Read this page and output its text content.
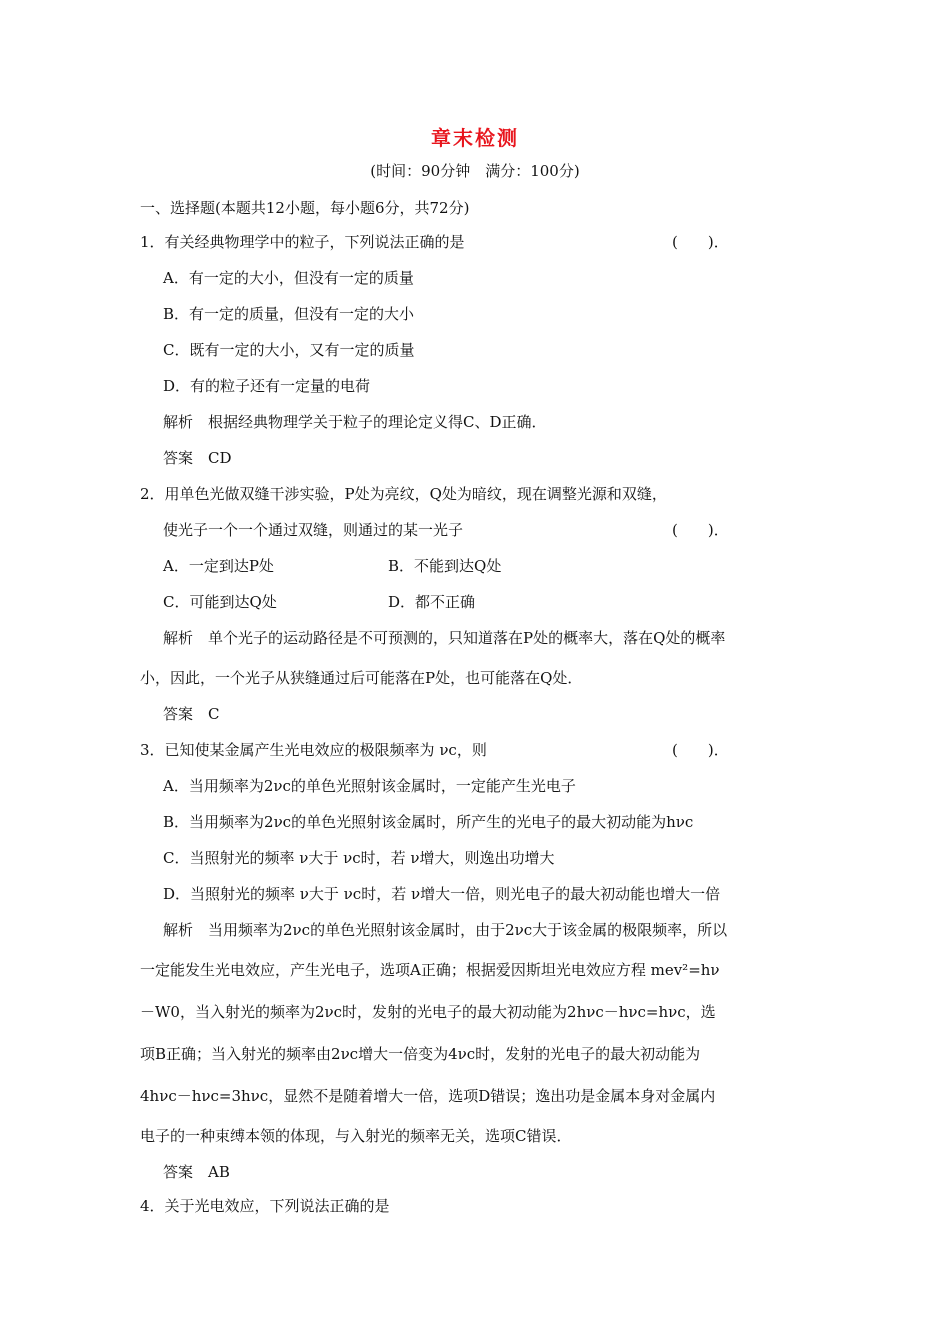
章末检测
(时间：90分钟　满分：100分)
一、选择题(本题共12小题，每小题6分，共72分)
1．有关经典物理学中的粒子，下列说法正确的是	(　　)．
A．有一定的大小，但没有一定的质量
B．有一定的质量，但没有一定的大小
C．既有一定的大小，又有一定的质量
D．有的粒子还有一定量的电荷
解析　根据经典物理学关于粒子的理论定义得C、D正确．
答案　CD
2．用单色光做双缝干涉实验，P处为亮纹，Q处为暗纹，现在调整光源和双缝，
使光子一个一个通过双缝，则通过的某一光子	(　　)．
A．一定到达P处	B．不能到达Q处
C．可能到达Q处	D．都不正确
解析　单个光子的运动路径是不可预测的，只知道落在P处的概率大，落在Q处的概率
小，因此，一个光子从狭缝通过后可能落在P处，也可能落在Q处．
答案　C
3．已知使某金属产生光电效应的极限频率为 νc，则	(　　)．
A．当用频率为2νc的单色光照射该金属时，一定能产生光电子
B．当用频率为2νc的单色光照射该金属时，所产生的光电子的最大初动能为hνc
C．当照射光的频率 ν大于 νc时，若 ν增大，则逸出功增大
D．当照射光的频率 ν大于 νc时，若 ν增大一倍，则光电子的最大初动能也增大一倍
解析　当用频率为2νc的单色光照射该金属时，由于2νc大于该金属的极限频率，所以
一定能发生光电效应，产生光电子，选项A正确；根据爱因斯坦光电效应方程 mev²=hν
－W0，当入射光的频率为2νc时，发射的光电子的最大初动能为2hνc－hνc=hνc，选
项B正确；当入射光的频率由2νc增大一倍变为4νc时，发射的光电子的最大初动能为
4hνc－hνc=3hνc，显然不是随着增大一倍，选项D错误；逸出功是金属本身对金属内
电子的一种束缚本领的体现，与入射光的频率无关，选项C错误．
答案　AB
4．关于光电效应，下列说法正确的是
